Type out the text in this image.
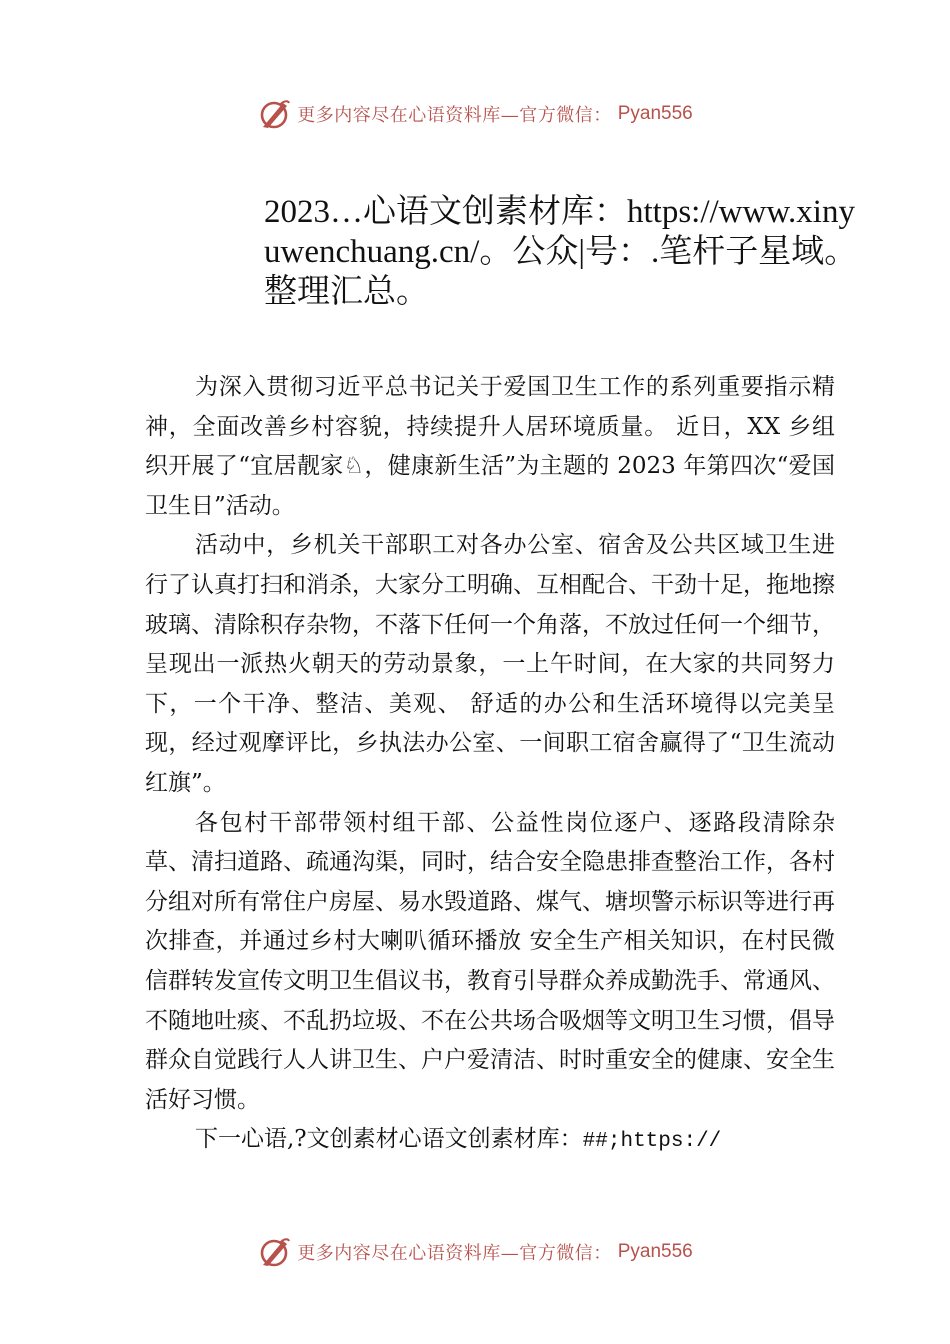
更多内容尽在心语资料库—官方微信： Pyan556
2023…心语文创素材库：https://www.xinyuwenchuang.cn/。公众|号：.笔杆子星域。整理汇总。

为深入贯彻习近平总书记关于爱国卫生工作的系列重要指示精神，全面改善乡村容貌，持续提升人居环境质量。 近日，XX 乡组织开展了“宜居靓家♘，健康新生活”为主题的 2023 年第四次“爱国卫生日”活动。

活动中，乡机关干部职工对各办公室、宿舍及公共区域卫生进行了认真打扫和消杀，大家分工明确、互相配合、干劲十足，拖地擦玻璃、清除积存杂物，不落下任何一个角落，不放过任何一个细节，呈现出一派热火朝天的劳动景象，一上午时间，在大家的共同努力下，一个干净、整洁、美观、 舒适的办公和生活环境得以完美呈现，经过观摩评比，乡执法办公室、一间职工宿舍赢得了“卫生流动红旗”。

各包村干部带领村组干部、公益性岗位逐户、逐路段清除杂草、清扫道路、疏通沟渠，同时，结合安全隐患排查整治工作，各村分组对所有常住户房屋、易水毁道路、煤气、塘坝警示标识等进行再次排查，并通过乡村大喇叭循环播放 安全生产相关知识，在村民微信群转发宣传文明卫生倡议书，教育引导群众养成勤洗手、常通风、不随地吐痰、不乱扔垃圾、不在公共场合吸烟等文明卫生习惯，倡导群众自觉践行人人讲卫生、户户爱清洁、时时重安全的健康、安全生活好习惯。

下一心语,?文创素材心语文创素材库：##;https://

更多内容尽在心语资料库—官方微信： Pyan556
